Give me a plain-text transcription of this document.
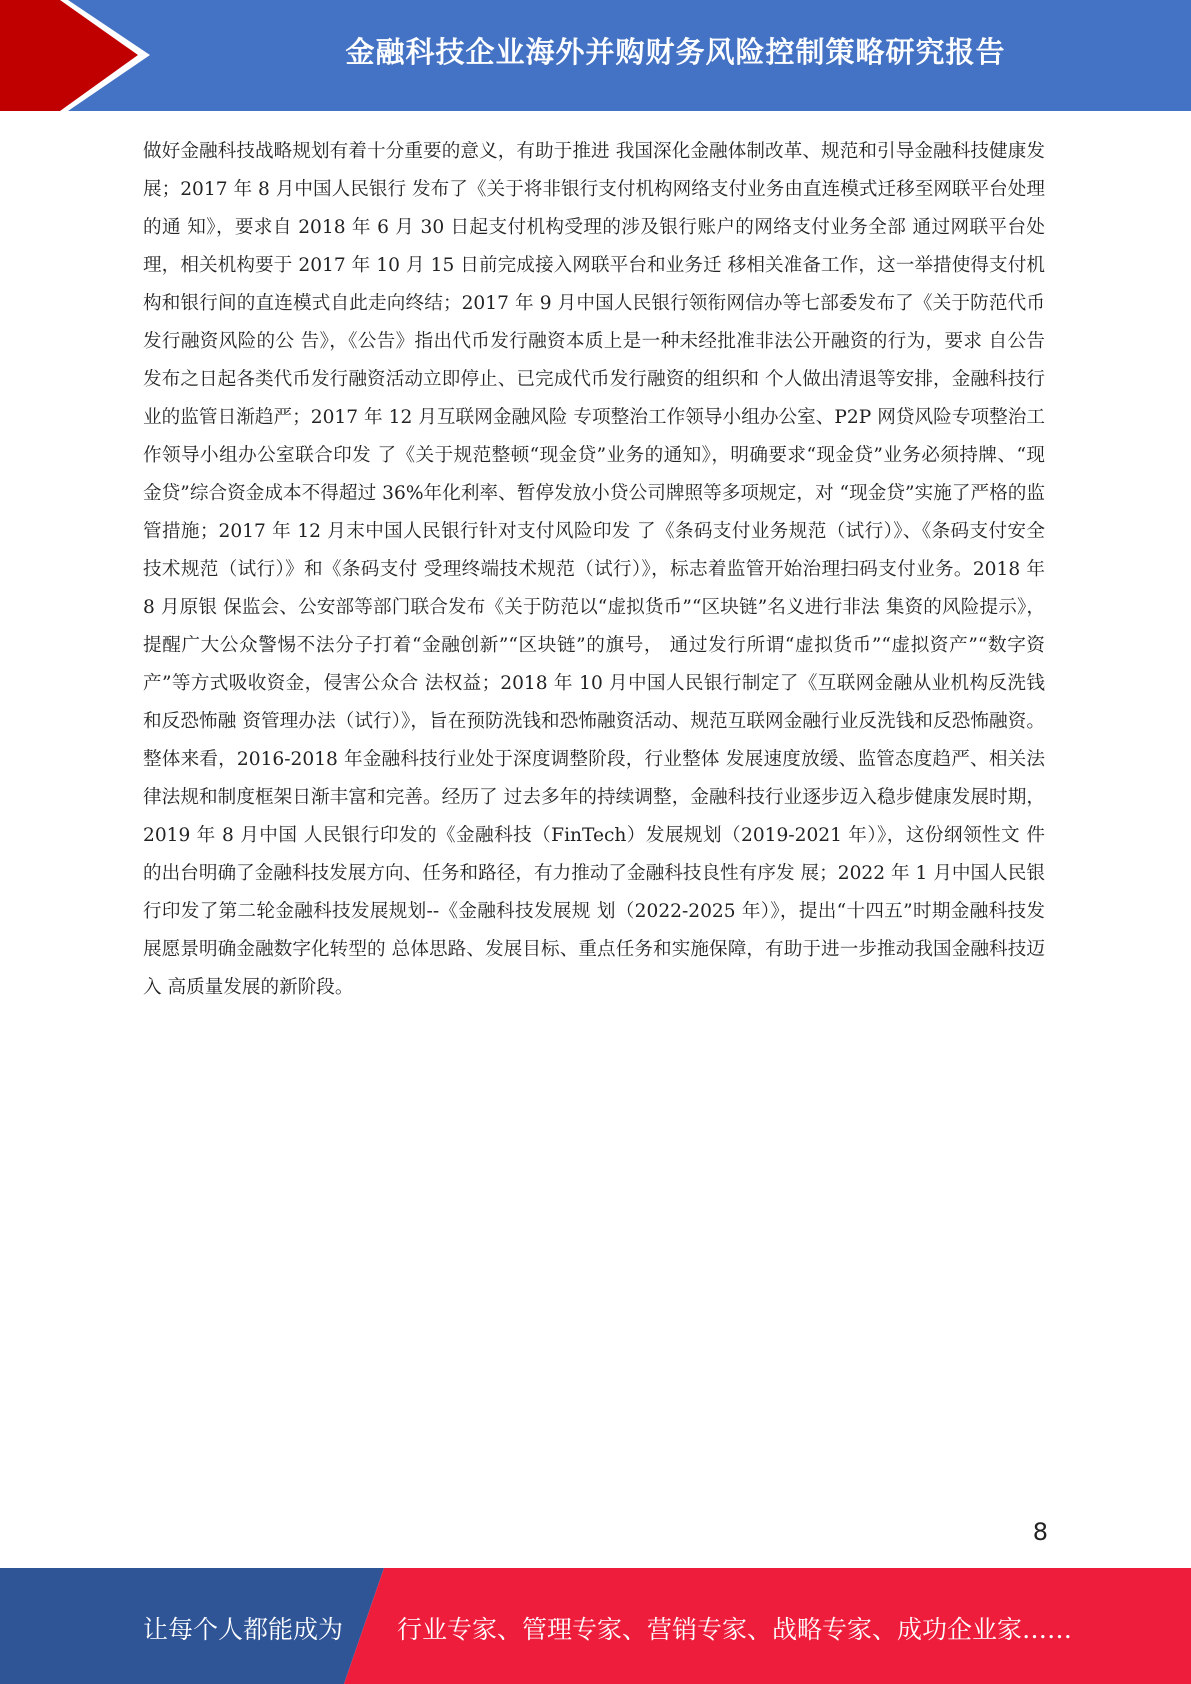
金融科技企业海外并购财务风险控制策略研究报告

做好金融科技战略规划有着十分重要的意义，有助于推进 我国深化金融体制改革、规范和引导金融科技健康发展；2017 年 8 月中国人民银行 发布了《关于将非银行支付机构网络支付业务由直连模式迁移至网联平台处理的通 知》，要求自 2018 年 6 月 30 日起支付机构受理的涉及银行账户的网络支付业务全部 通过网联平台处理，相关机构要于 2017 年 10 月 15 日前完成接入网联平台和业务迁 移相关准备工作，这一举措使得支付机构和银行间的直连模式自此走向终结；2017 年 9 月中国人民银行领衔网信办等七部委发布了《关于防范代币发行融资风险的公 告》，《公告》指出代币发行融资本质上是一种未经批准非法公开融资的行为，要求 自公告发布之日起各类代币发行融资活动立即停止、已完成代币发行融资的组织和 个人做出清退等安排，金融科技行业的监管日渐趋严；2017 年 12 月互联网金融风险 专项整治工作领导小组办公室、P2P 网贷风险专项整治工作领导小组办公室联合印发 了《关于规范整顿“现金贷”业务的通知》，明确要求“现金贷”业务必须持牌、“现 金贷”综合资金成本不得超过 36%年化利率、暂停发放小贷公司牌照等多项规定，对 “现金贷”实施了严格的监管措施；2017 年 12 月末中国人民银行针对支付风险印发 了《条码支付业务规范（试行）》、《条码支付安全技术规范（试行）》和《条码支付 受理终端技术规范（试行）》，标志着监管开始治理扫码支付业务。2018 年 8 月原银 保监会、公安部等部门联合发布《关于防范以“虚拟货币”“区块链”名义进行非法 集资的风险提示》，提醒广大公众警惕不法分子打着“金融创新”“区块链”的旗号， 通过发行所谓“虚拟货币”“虚拟资产”“数字资产”等方式吸收资金，侵害公众合 法权益；2018 年 10 月中国人民银行制定了《互联网金融从业机构反洗钱和反恐怖融 资管理办法（试行）》，旨在预防洗钱和恐怖融资活动、规范互联网金融行业反洗钱和反恐怖融资。整体来看，2016-2018 年金融科技行业处于深度调整阶段，行业整体 发展速度放缓、监管态度趋严、相关法律法规和制度框架日渐丰富和完善。经历了 过去多年的持续调整，金融科技行业逐步迈入稳步健康发展时期，2019 年 8 月中国 人民银行印发的《金融科技（FinTech）发展规划（2019-2021 年）》，这份纲领性文 件的出台明确了金融科技发展方向、任务和路径，有力推动了金融科技良性有序发 展；2022 年 1 月中国人民银行印发了第二轮金融科技发展规划--《金融科技发展规 划（2022-2025 年）》，提出“十四五”时期金融科技发展愿景明确金融数字化转型的 总体思路、发展目标、重点任务和实施保障，有助于进一步推动我国金融科技迈入 高质量发展的新阶段。

8
让每个人都能成为 行业专家、管理专家、营销专家、战略专家、成功企业家……
